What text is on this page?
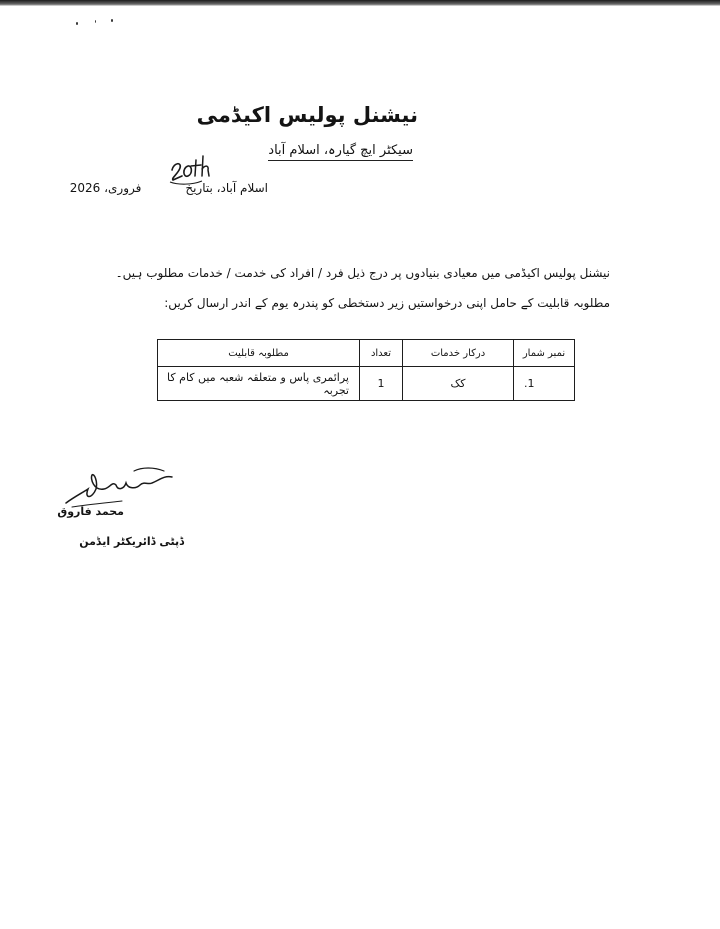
نیشنل پولیس اکیڈمی
سیکٹر ایچ گیارہ، اسلام آباد
اسلام آباد، بتاریخفروری، 2026
نیشنل پولیس اکیڈمی میں معیادی بنیادوں پر درج ذیل فرد / افراد کی خدمت / خدمات مطلوب ہیں۔ مطلوبہ قابلیت کے حامل اپنی درخواستیں زیر دستخطی کو پندرہ یوم کے اندر ارسال کریں:
نمبر شمار	درکار خدمات	تعداد	مطلوبہ قابلیت
1.	کک	1	پرائمری پاس و متعلقہ شعبہ میں کام کا تجربہ
محمد فاروق
ڈپٹی ڈائریکٹر ایڈمن
